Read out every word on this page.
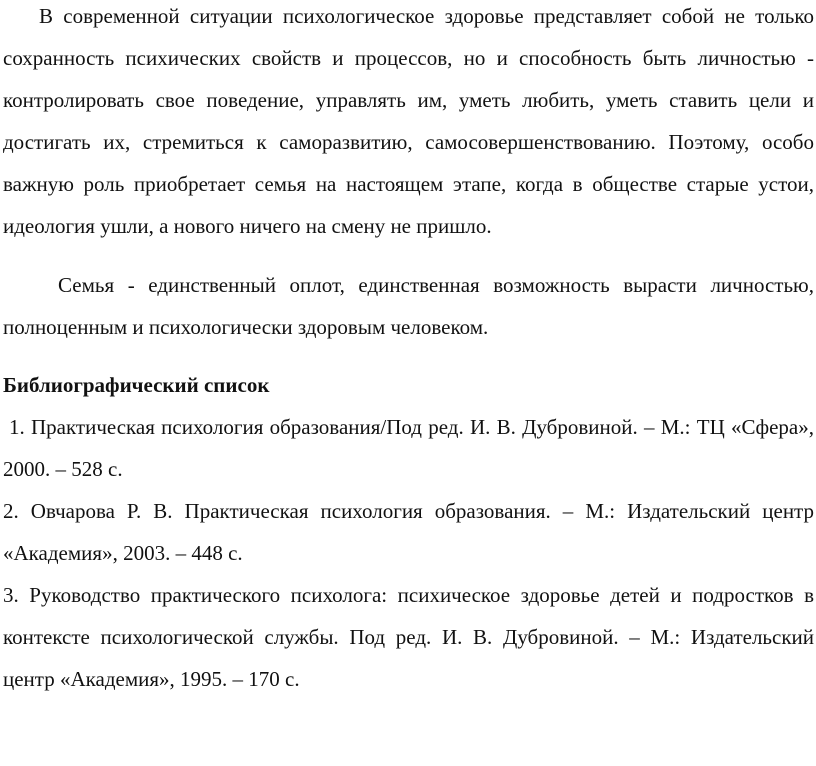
В современной ситуации психологическое здоровье представляет собой не только сохранность психических свойств и процессов, но и способность быть личностью - контролировать свое поведение, управлять им, уметь любить, уметь ставить цели и достигать их, стремиться к саморазвитию, самосовершенствованию. Поэтому, особо важную роль приобретает семья на настоящем этапе, когда в обществе старые устои, идеология ушли, а нового ничего на смену не пришло.

Семья - единственный оплот, единственная возможность вырасти личностью, полноценным и психологически здоровым человеком.

Библиографический список
1. Практическая психология образования/Под ред. И. В. Дубровиной. – М.: ТЦ «Сфера», 2000. – 528 с.
2. Овчарова Р. В. Практическая психология образования. – М.: Издательский центр «Академия», 2003. – 448 с.
3. Руководство практического психолога: психическое здоровье детей и подростков в контексте психологической службы. Под ред. И. В. Дубровиной. – М.: Издательский центр «Академия», 1995. – 170 с.
